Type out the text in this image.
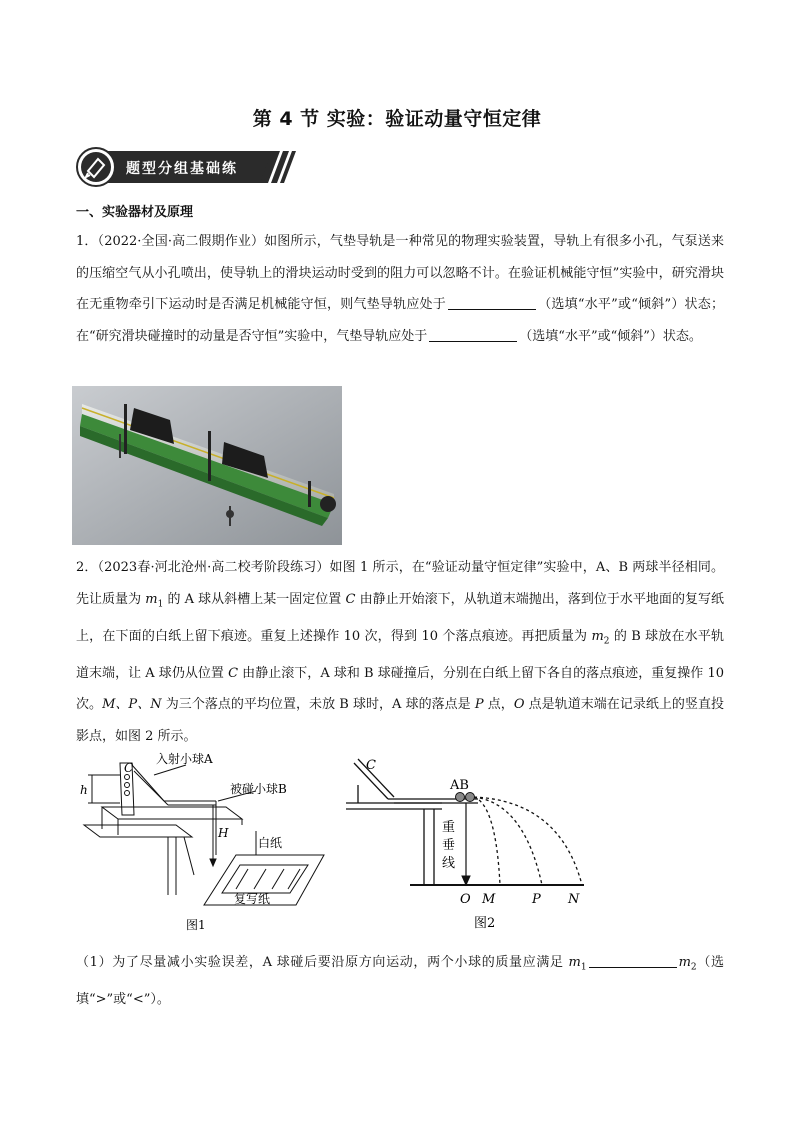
第 4 节 实验：验证动量守恒定律
题型分组基础练
一、实验器材及原理
1．（2022·全国·高二假期作业）如图所示，气垫导轨是一种常见的物理实验装置，导轨上有很多小孔，气泵送来的压缩空气从小孔喷出，使导轨上的滑块运动时受到的阻力可以忽略不计。在验证机械能守恒”实验中，研究滑块在无重物牵引下运动时是否满足机械能守恒，则气垫导轨应处于	（选填“水平”或“倾斜”）状态；在“研究滑块碰撞时的动量是否守恒”实验中，气垫导轨应处于	（选填“水平”或“倾斜”）状态。
2．（2023春·河北沧州·高二校考阶段练习）如图 1 所示，在“验证动量守恒定律”实验中，A、B 两球半径相同。先让质量为 $m_1$ 的 A 球从斜槽上某一固定位置 C 由静止开始滚下，从轨道末端抛出，落到位于水平地面的复写纸上，在下面的白纸上留下痕迹。重复上述操作 10 次，得到 10 个落点痕迹。再把质量为 $m_2$ 的 B 球放在水平轨道末端，让 A 球仍从位置 C 由静止滚下，A 球和 B 球碰撞后，分别在白纸上留下各自的落点痕迹，重复操作 10 次。M、P、N 为三个落点的平均位置，未放 B 球时，A 球的落点是 P 点，O 点是轨道末端在记录纸上的竖直投影点，如图 2 所示。
C
h
入射小球A
被碰小球B
H
白纸
复写纸
图1
C
AB
重
垂
线
O M	P N
图2
（1）为了尽量减小实验误差，A 球碰后要沿原方向运动，两个小球的质量应满足 $m_1$	$m_2$（选填“>”或“<”）。
